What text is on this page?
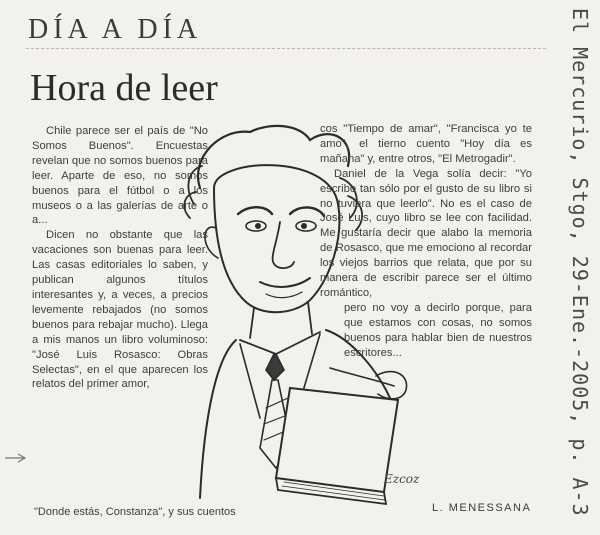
DÍA A DÍA
Hora de leer

Chile parece ser el país de "No Somos Buenos". Encuestas revelan que no somos buenos para leer. Aparte de eso, no somos buenos para el fútbol o a los museos o a las galerías de arte o a...

Dicen no obstante que las vacaciones son buenas para leer. Las casas editoriales lo saben, y publican algunos títulos interesantes y, a veces, a precios levemente rebajados (no somos buenos para rebajar mucho). Llega a mis manos un libro voluminoso: "José Luis Rosasco: Obras Selectas", en el que aparecen los relatos del primer amor,

Ezcoz

cos "Tiempo de amar", "Francisca yo te amo", el tierno cuento "Hoy día es mañana" y, entre otros, "El Metrogadir".

Daniel de la Vega solía decir: "Yo escribo tan sólo por el gusto de su libro si no tuviera que leerlo". No es el caso de José Luis, cuyo libro se lee con facilidad. Me gustaría decir que alabo la memoria de Rosasco, que me emociono al recordar los viejos barrios que relata, que por su manera de escribir parece ser el último romántico,

pero no voy a decirlo porque, para que estamos con cosas, no somos buenos para hablar bien de nuestros escritores...

"Donde estás, Constanza", y sus cuentos	L. MENESSANA El Mercurio, Stgo, 29-Ene.-2005, p. A-3
